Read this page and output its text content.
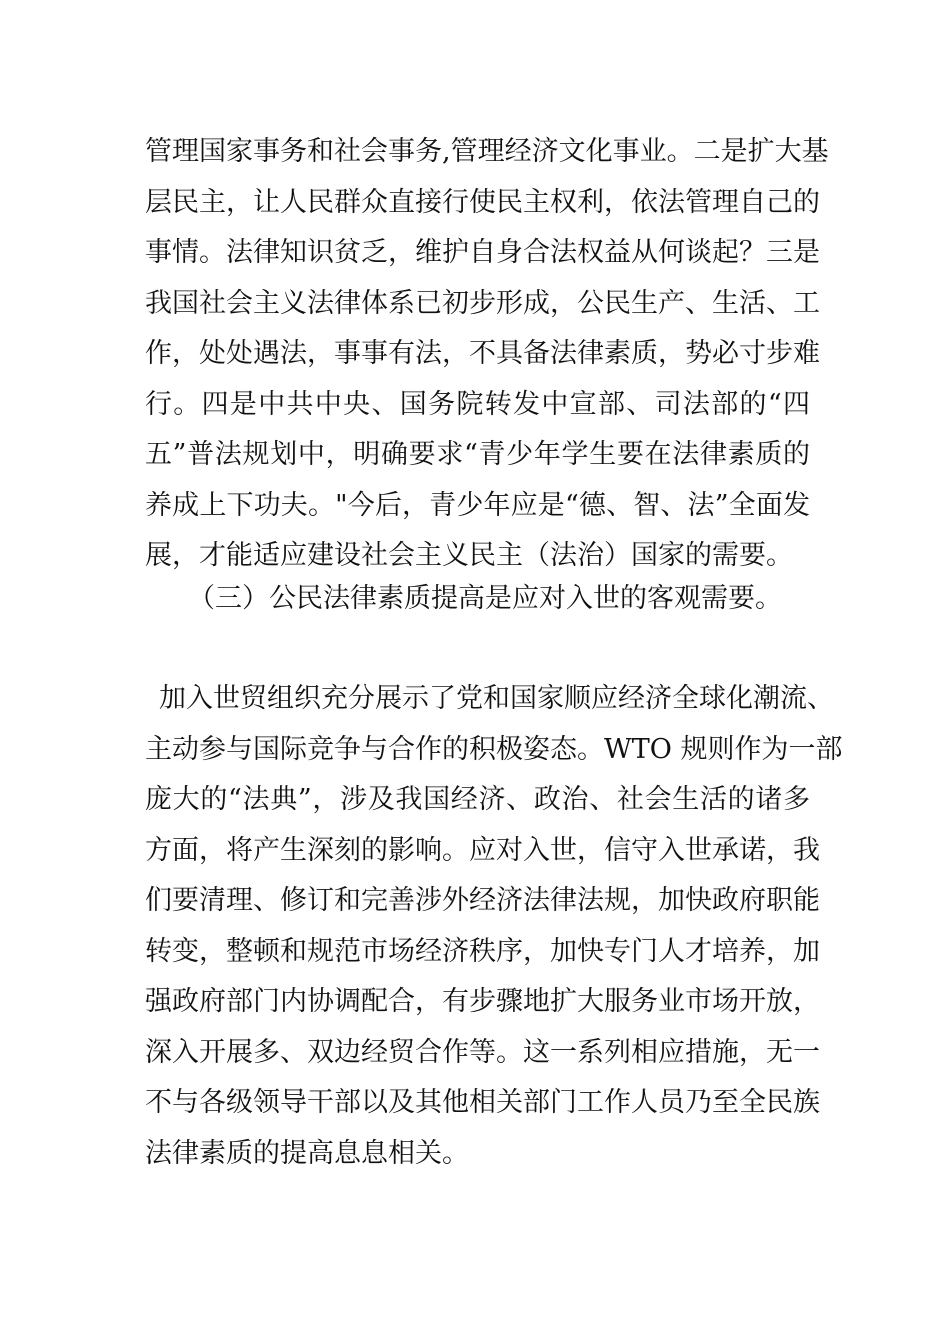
管理国家事务和社会事务,管理经济文化事业。二是扩大基
层民主，让人民群众直接行使民主权利，依法管理自己的
事情。法律知识贫乏，维护自身合法权益从何谈起？三是
我国社会主义法律体系已初步形成，公民生产、生活、工
作，处处遇法，事事有法，不具备法律素质，势必寸步难
行。四是中共中央、国务院转发中宣部、司法部的“四
五”普法规划中，明确要求“青少年学生要在法律素质的
养成上下功夫。"今后，青少年应是“德、智、法”全面发
展，才能适应建设社会主义民主（法治）国家的需要。
（三）公民法律素质提高是应对入世的客观需要。
加入世贸组织充分展示了党和国家顺应经济全球化潮流、
主动参与国际竞争与合作的积极姿态。WTO 规则作为一部
庞大的“法典”，涉及我国经济、政治、社会生活的诸多
方面，将产生深刻的影响。应对入世，信守入世承诺，我
们要清理、修订和完善涉外经济法律法规，加快政府职能
转变，整顿和规范市场经济秩序，加快专门人才培养，加
强政府部门内协调配合，有步骤地扩大服务业市场开放，
深入开展多、双边经贸合作等。这一系列相应措施，无一
不与各级领导干部以及其他相关部门工作人员乃至全民族
法律素质的提高息息相关。
